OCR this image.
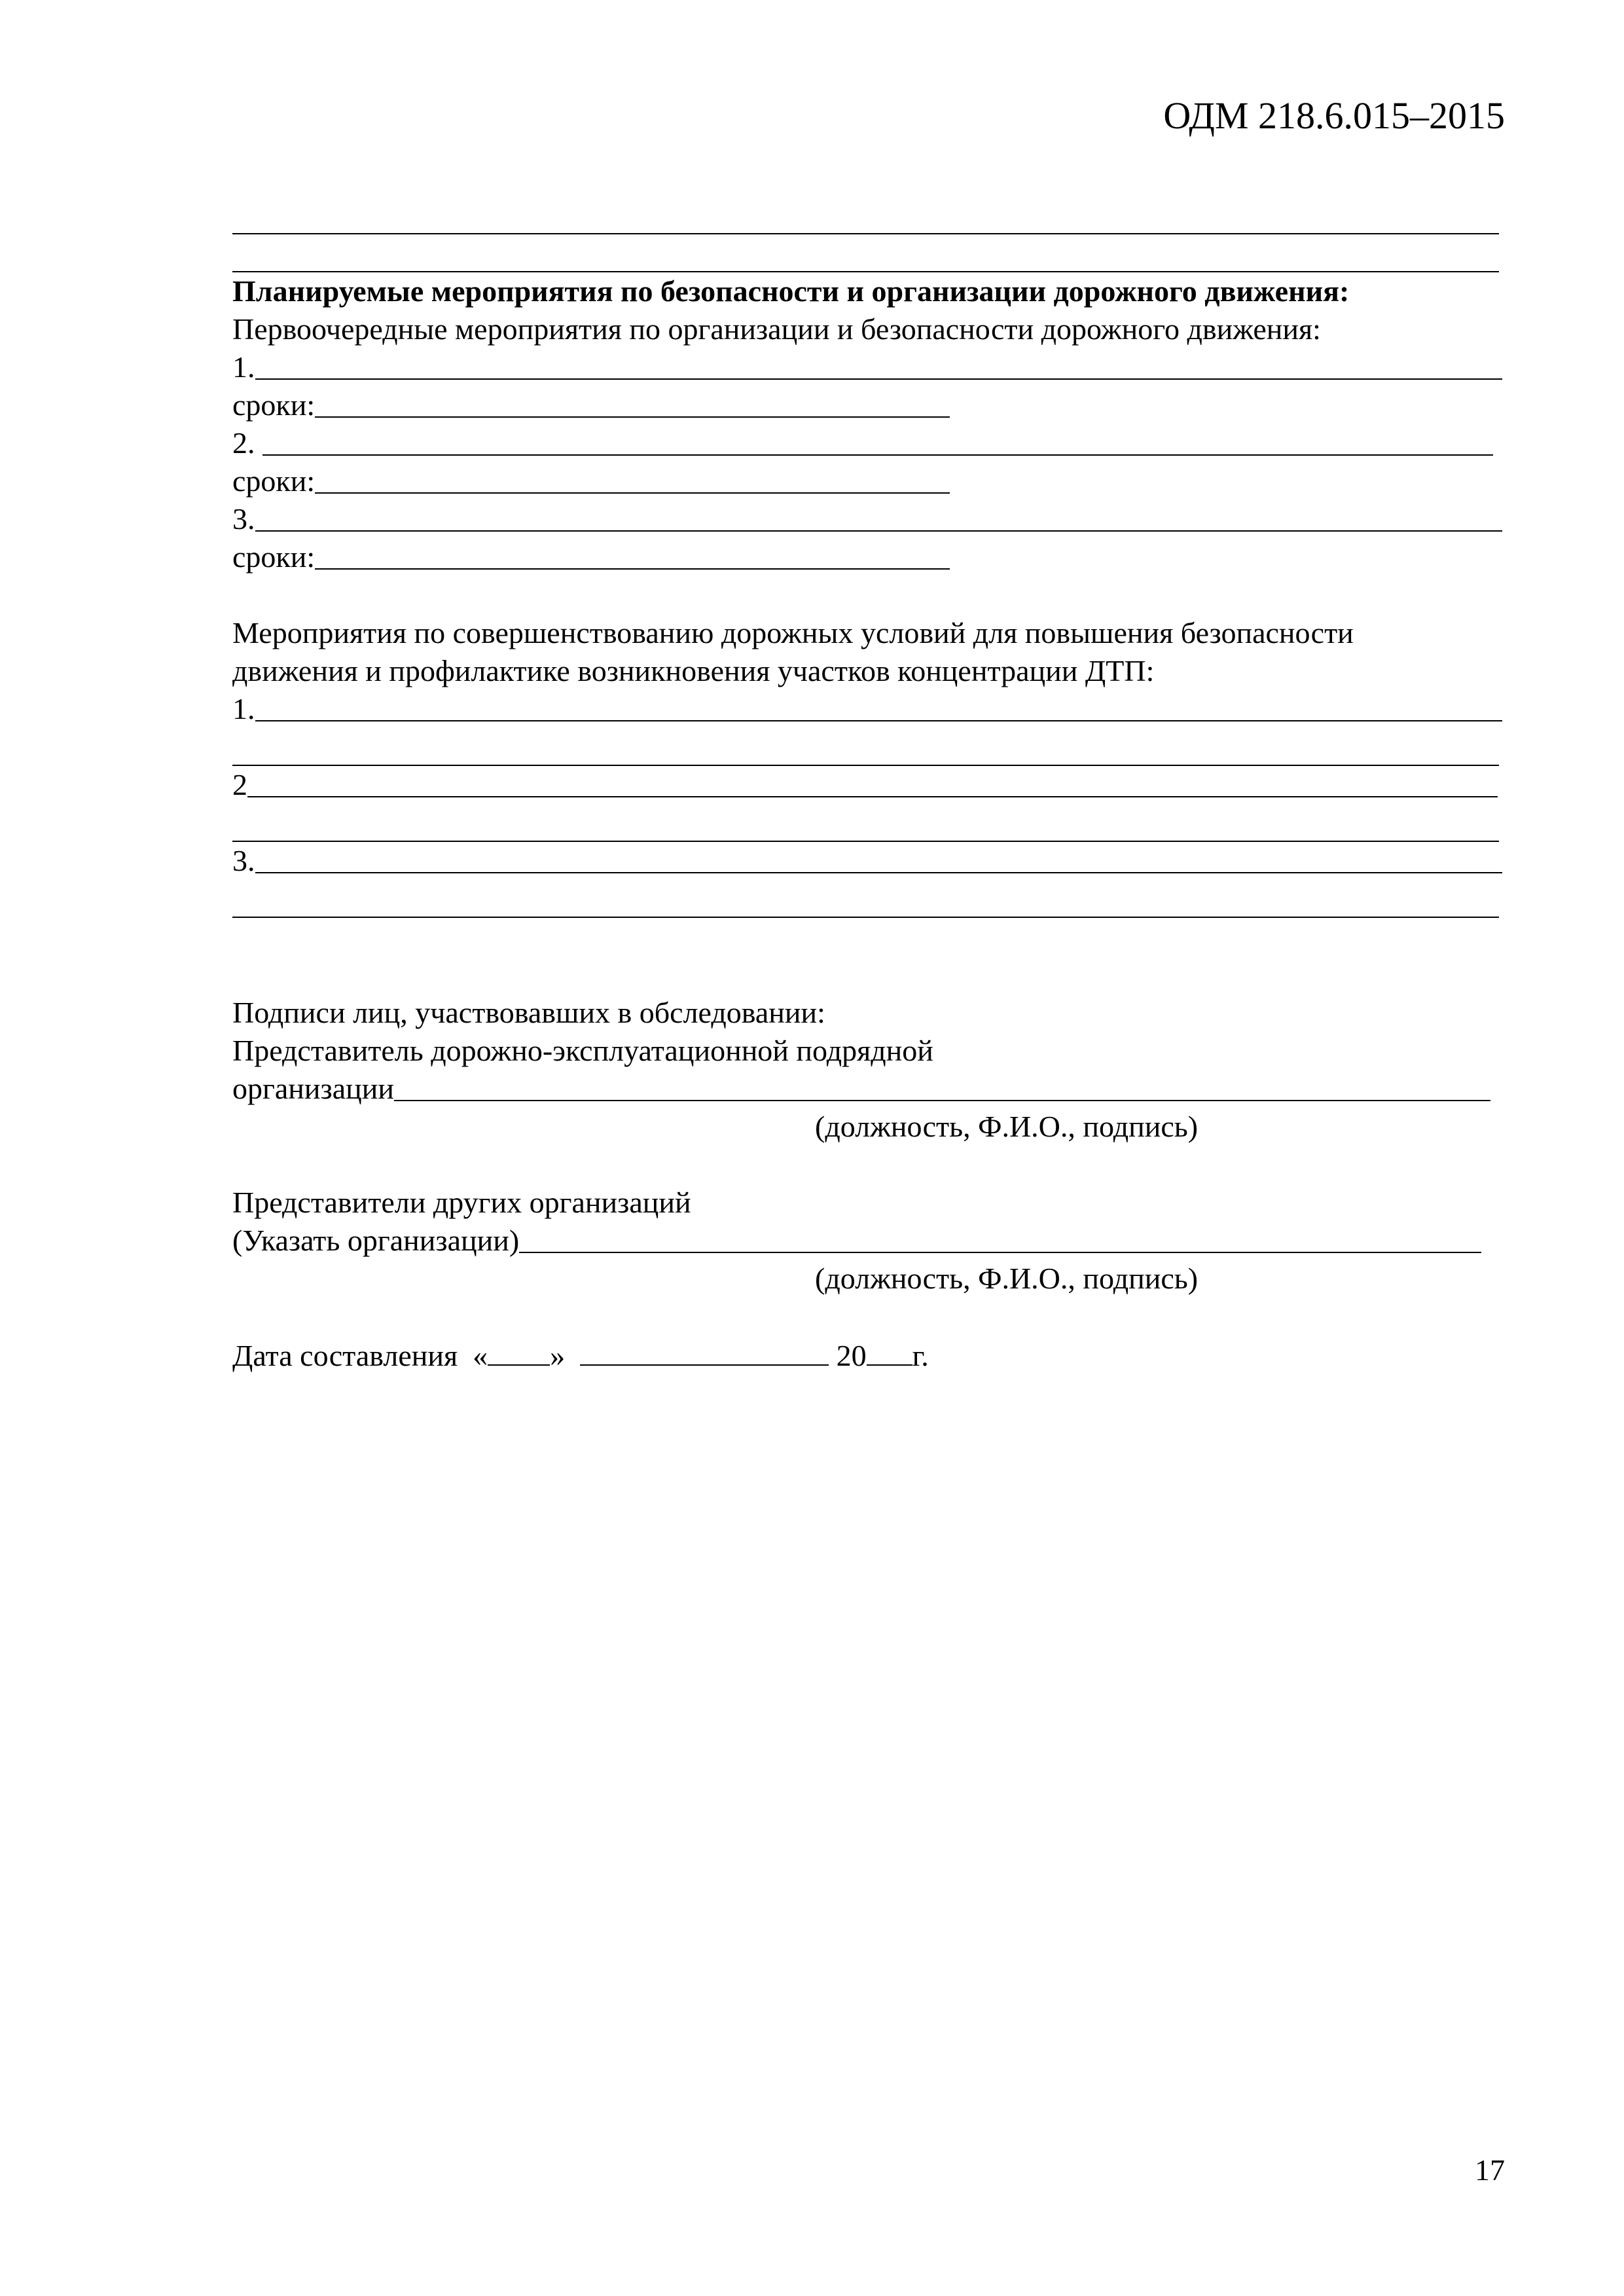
ОДМ 218.6.015–2015
Планируемые мероприятия по безопасности и организации дорожного движения:
Первоочередные мероприятия по организации и безопасности дорожного движения:
1.
сроки:
2.
сроки:
3.
сроки:
Мероприятия по совершенствованию дорожных условий для повышения безопасности
движения и профилактике возникновения участков концентрации ДТП:
1.
2
3.
Подписи лиц, участвовавших в обследовании:
Представитель дорожно-эксплуатационной подрядной
организации
(должность, Ф.И.О., подпись)
Представители других организаций
(Указать организации)
(должность, Ф.И.О., подпись)
Дата составления « »	20 г.
17
